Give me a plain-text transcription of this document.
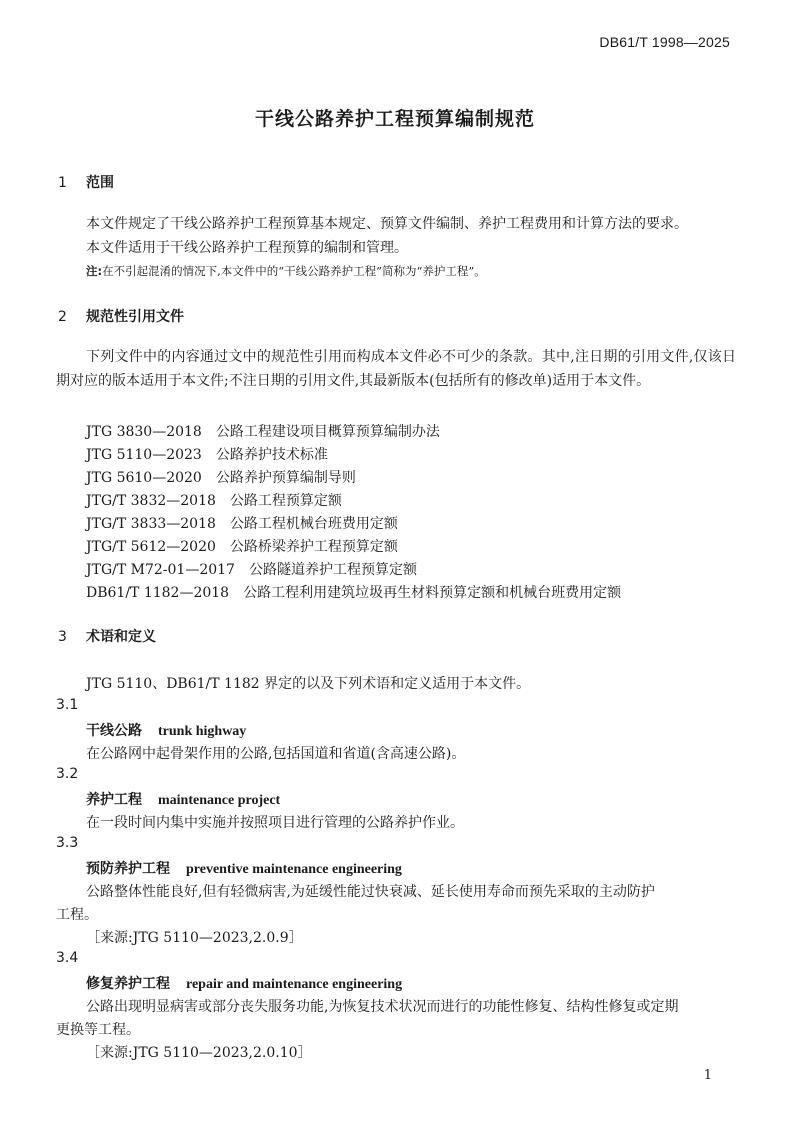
DB61/T 1998—2025
干线公路养护工程预算编制规范
1 范围
本文件规定了干线公路养护工程预算基本规定、预算文件编制、养护工程费用和计算方法的要求。
本文件适用于干线公路养护工程预算的编制和管理。
注:在不引起混淆的情况下,本文件中的“干线公路养护工程”简称为“养护工程”。
2 规范性引用文件
下列文件中的内容通过文中的规范性引用而构成本文件必不可少的条款。其中,注日期的引用文件,仅该日期对应的版本适用于本文件;不注日期的引用文件,其最新版本(包括所有的修改单)适用于本文件。
JTG 3830—2018 公路工程建设项目概算预算编制办法
JTG 5110—2023 公路养护技术标准
JTG 5610—2020 公路养护预算编制导则
JTG/T 3832—2018 公路工程预算定额
JTG/T 3833—2018 公路工程机械台班费用定额
JTG/T 5612—2020 公路桥梁养护工程预算定额
JTG/T M72-01—2017 公路隧道养护工程预算定额
DB61/T 1182—2018 公路工程利用建筑垃圾再生材料预算定额和机械台班费用定额
3 术语和定义
JTG 5110、DB61/T 1182 界定的以及下列术语和定义适用于本文件。
3.1
干线公路 trunk highway
在公路网中起骨架作用的公路,包括国道和省道(含高速公路)。
3.2
养护工程 maintenance project
在一段时间内集中实施并按照项目进行管理的公路养护作业。
3.3
预防养护工程 preventive maintenance engineering
公路整体性能良好,但有轻微病害,为延缓性能过快衰减、延长使用寿命而预先采取的主动防护
工程。
［来源:JTG 5110—2023,2.0.9］
3.4
修复养护工程 repair and maintenance engineering
公路出现明显病害或部分丧失服务功能,为恢复技术状况而进行的功能性修复、结构性修复或定期
更换等工程。
［来源:JTG 5110—2023,2.0.10］
1
